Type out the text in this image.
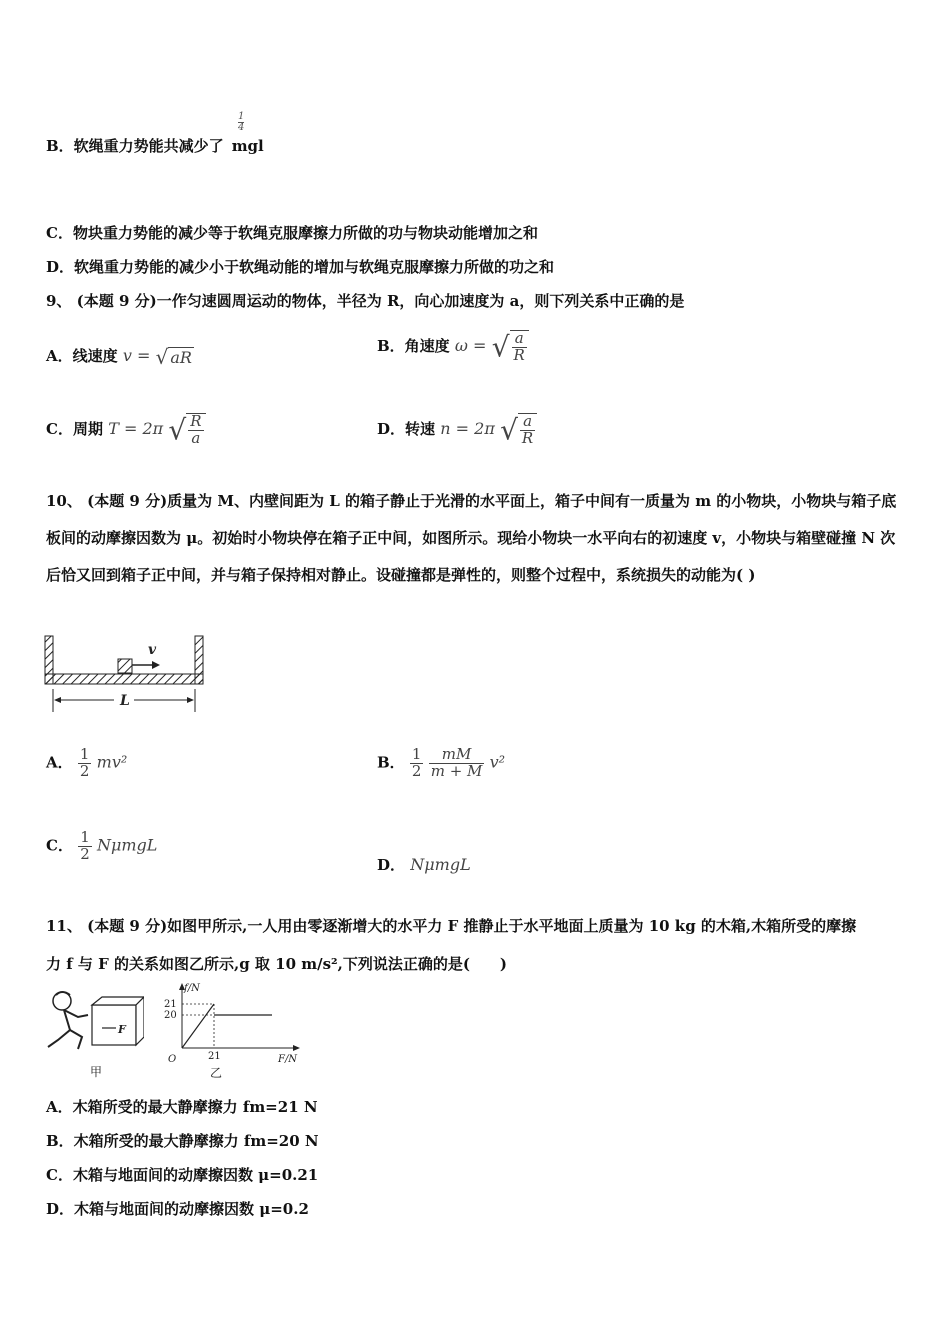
B．软绳重力势能共减少了 mgl
$\frac{1}{4}$
C．物块重力势能的减少等于软绳克服摩擦力所做的功与物块动能增加之和
D．软绳重力势能的减少小于软绳动能的增加与软绳克服摩擦力所做的功之和
9、 (本题 9 分)一作匀速圆周运动的物体，半径为 R，向心加速度为 a，则下列关系中正确的是
A．线速度 v = √ aR
B．角速度 ω = √ $\frac{a}{R}$
C．周期 T = 2π √ $\frac{R}{a}$	D．转速 n = 2π √ $\frac{a}{R}$
10、 (本题 9 分)质量为 M、内壁间距为 L 的箱子静止于光滑的水平面上，箱子中间有一质量为 m 的小物块，小物块与箱子底板间的动摩擦因数为 μ。初始时小物块停在箱子正中间，如图所示。现给小物块一水平向右的初速度 v，小物块与箱壁碰撞 N 次后恰又回到箱子正中间，并与箱子保持相对静止。设碰撞都是弹性的，则整个过程中，系统损失的动能为( )
v
L
A． $\frac{1}{2} mv^2$	B． $\frac{1}{2}$
$\frac{mM}{m + M} v^2$
C． $\frac{1}{2}$ NμmgL
D． NμmgL
11、 (本题 9 分)如图甲所示,一人用由零逐渐增大的水平力 F 推静止于水平地面上质量为 10 kg 的木箱,木箱所受的摩擦
力 f 与 F 的关系如图乙所示,g 取 10 m/s²,下列说法正确的是(　　)
F
甲
f/N
F/N
O
21
20
21
乙
A．木箱所受的最大静摩擦力 fm=21 N
B．木箱所受的最大静摩擦力 fm=20 N
C．木箱与地面间的动摩擦因数 μ=0.21
D．木箱与地面间的动摩擦因数 μ=0.2
